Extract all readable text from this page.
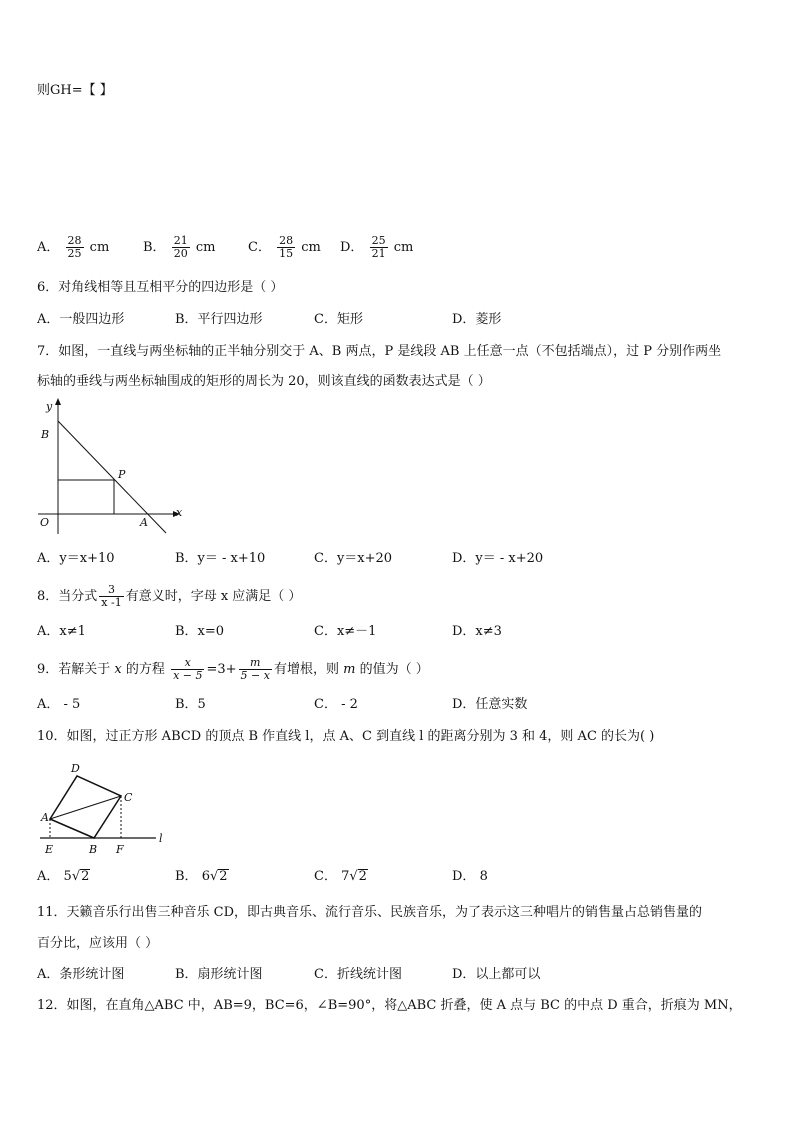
则GH=【 】
A． $\frac{28}{25}$ cm	B． $\frac{21}{20}$ cm	C． $\frac{28}{15}$ cm D． $\frac{25}{21}$ cm
6．对角线相等且互相平分的四边形是（ ）
A．一般四边形	B．平行四边形	C．矩形	D．菱形
7．如图，一直线与两坐标轴的正半轴分别交于 A、B 两点，P 是线段 AB 上任意一点（不包括端点），过 P 分别作两坐
标轴的垂线与两坐标轴围成的矩形的周长为 20，则该直线的函数表达式是（ ）
y
B
P
O	A
x
A．y＝x+10	B．y＝ - x+10	C．y＝x+20	D．y＝ - x+20
8．当分式 $\frac{3}{x -1}$ 有意义时，字母 x 应满足（ ）
A．x≠1	B．x=0	C．x≠－1	D．x≠3
9．若解关于 x 的方程 $\frac{x}{x - 5} =3+ \frac{m}{5 - x}$ 有增根，则 m 的值为（ ）
A． - 5	B．5	C． - 2	D．任意实数
10．如图，过正方形 ABCD 的顶点 B 作直线 l，点 A、C 到直线 l 的距离分别为 3 和 4，则 AC 的长为( )
D
C
A
E	B F
l
A． 5√2	B． 6√2	C． 7√2	D． 8
11．天籁音乐行出售三种音乐 CD，即古典音乐、流行音乐、民族音乐，为了表示这三种唱片的销售量占总销售量的
百分比，应该用（ ）
A．条形统计图	B．扇形统计图	C．折线统计图	D．以上都可以
12．如图，在直角△ABC 中，AB=9，BC=6，∠B=90°，将△ABC 折叠，使 A 点与 BC 的中点 D 重合，折痕为 MN，
